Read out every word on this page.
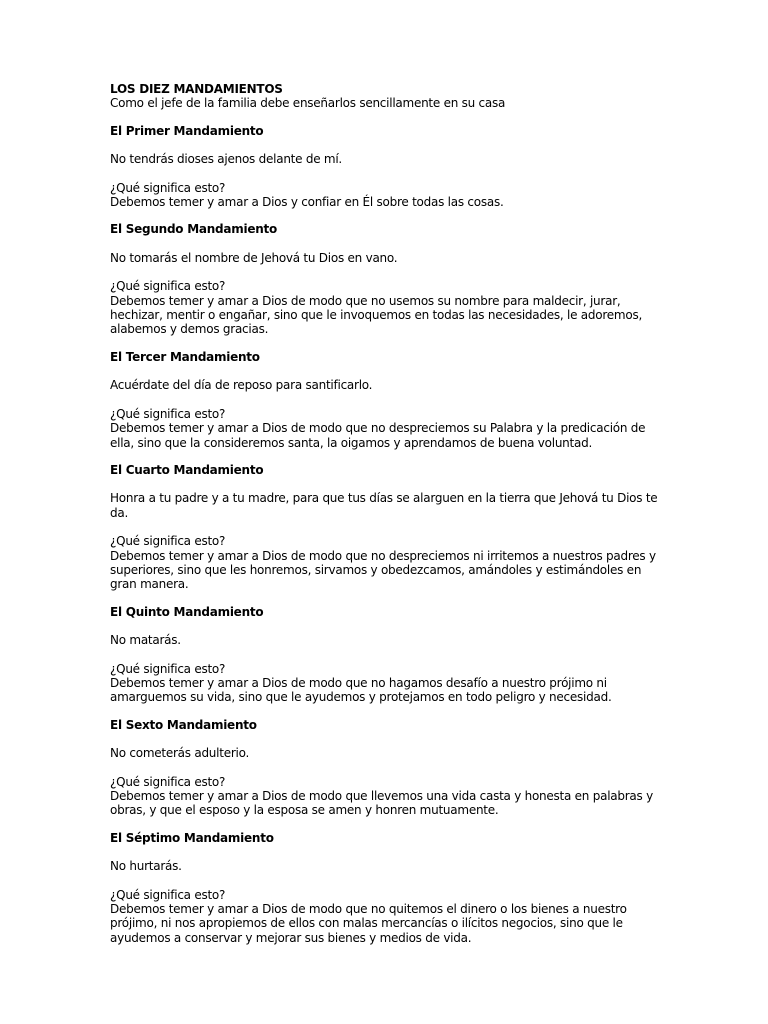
LOS DIEZ MANDAMIENTOS
Como el jefe de la familia debe enseñarlos sencillamente en su casa
El Primer Mandamiento
No tendrás dioses ajenos delante de mí.
¿Qué significa esto?
Debemos temer y amar a Dios y confiar en Él sobre todas las cosas.
El Segundo Mandamiento
No tomarás el nombre de Jehová tu Dios en vano.
¿Qué significa esto?
Debemos temer y amar a Dios de modo que no usemos su nombre para maldecir, jurar, hechizar, mentir o engañar, sino que le invoquemos en todas las necesidades, le adoremos, alabemos y demos gracias.
El Tercer Mandamiento
Acuérdate del día de reposo para santificarlo.
¿Qué significa esto?
Debemos temer y amar a Dios de modo que no despreciemos su Palabra y la predicación de ella, sino que la consideremos santa, la oigamos y aprendamos de buena voluntad.
El Cuarto Mandamiento
Honra a tu padre y a tu madre, para que tus días se alarguen en la tierra que Jehová tu Dios te da.
¿Qué significa esto?
Debemos temer y amar a Dios de modo que no despreciemos ni irritemos a nuestros padres y superiores, sino que les honremos, sirvamos y obedezcamos, amándoles y estimándoles en gran manera.
El Quinto Mandamiento
No matarás.
¿Qué significa esto?
Debemos temer y amar a Dios de modo que no hagamos desafío a nuestro prójimo ni amarguemos su vida, sino que le ayudemos y protejamos en todo peligro y necesidad.
El Sexto Mandamiento
No cometerás adulterio.
¿Qué significa esto?
Debemos temer y amar a Dios de modo que llevemos una vida casta y honesta en palabras y obras, y que el esposo y la esposa se amen y honren mutuamente.
El Séptimo Mandamiento
No hurtarás.
¿Qué significa esto?
Debemos temer y amar a Dios de modo que no quitemos el dinero o los bienes a nuestro prójimo, ni nos apropiemos de ellos con malas mercancías o ilícitos negocios, sino que le ayudemos a conservar y mejorar sus bienes y medios de vida.
